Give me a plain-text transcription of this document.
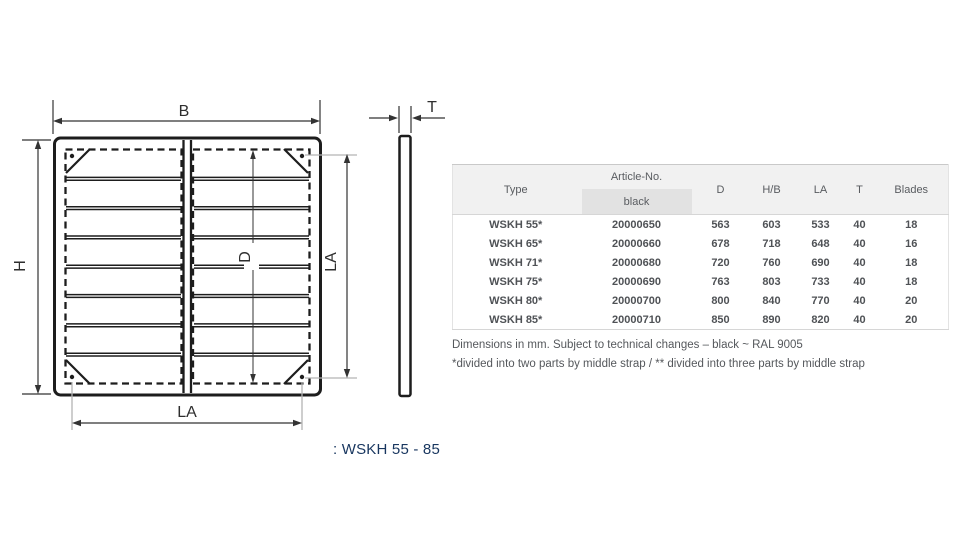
B
H
D	LA
LA
T
: WSKH 55 - 85
Type	Article-No.	D	H/B	LA	T	Blades

black					

WSKH 55*	20000650	563	603	533	40	18
WSKH 65*	20000660	678	718	648	40	16
WSKH 71*	20000680	720	760	690	40	18
WSKH 75*	20000690	763	803	733	40	18
WSKH 80*	20000700	800	840	770	40	20
WSKH 85*	20000710	850	890	820	40	20
Dimensions in mm. Subject to technical changes – black ~ RAL 9005
*divided into two parts by middle strap / ** divided into three parts by middle strap
